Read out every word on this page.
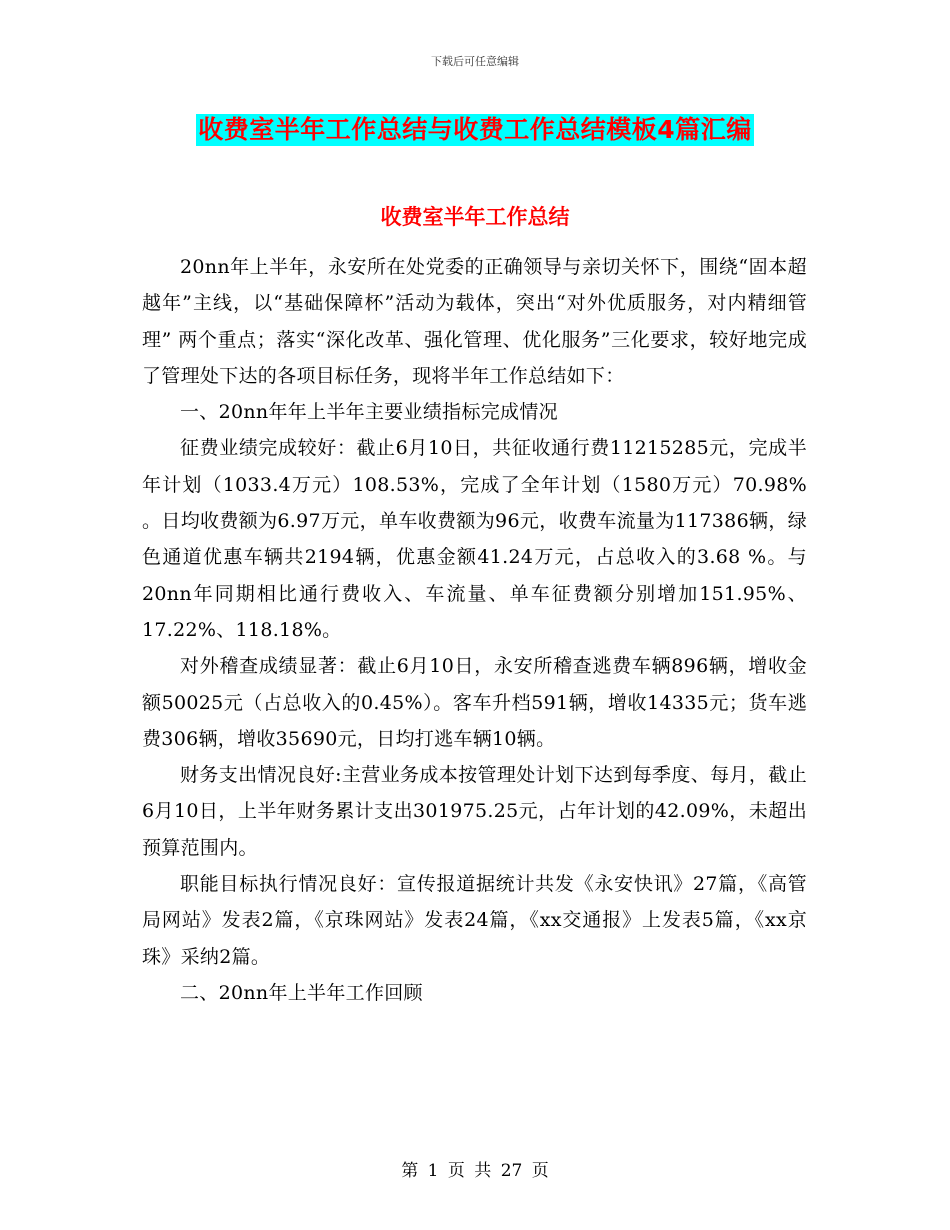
下载后可任意编辑
收费室半年工作总结与收费工作总结模板4篇汇编
收费室半年工作总结

20nn年上半年，永安所在处党委的正确领导与亲切关怀下，围绕“固本超越年”主线，以“基础保障杯”活动为载体，突出“对外优质服务，对内精细管理” 两个重点；落实“深化改革、强化管理、优化服务”三化要求，较好地完成了管理处下达的各项目标任务，现将半年工作总结如下：

一、20nn年年上半年主要业绩指标完成情况

征费业绩完成较好：截止6月10日，共征收通行费11215285元，完成半年计划（1033.4万元）108.53%，完成了全年计划（1580万元）70.98% 。日均收费额为6.97万元，单车收费额为96元，收费车流量为117386辆，绿色通道优惠车辆共2194辆，优惠金额41.24万元，占总收入的3.68 %。与20nn年同期相比通行费收入、车流量、单车征费额分别增加151.95%、17.22%、118.18%。

对外稽查成绩显著：截止6月10日，永安所稽查逃费车辆896辆，增收金额50025元（占总收入的0.45%）。客车升档591辆，增收14335元；货车逃费306辆，增收35690元，日均打逃车辆10辆。

财务支出情况良好:主营业务成本按管理处计划下达到每季度、每月，截止6月10日，上半年财务累计支出301975.25元，占年计划的42.09%，未超出预算范围内。

职能目标执行情况良好：宣传报道据统计共发《永安快讯》27篇，《高管局网站》发表2篇，《京珠网站》发表24篇，《xx交通报》上发表5篇，《xx京珠》采纳2篇。

二、20nn年上半年工作回顾

第 1 页 共 27 页
